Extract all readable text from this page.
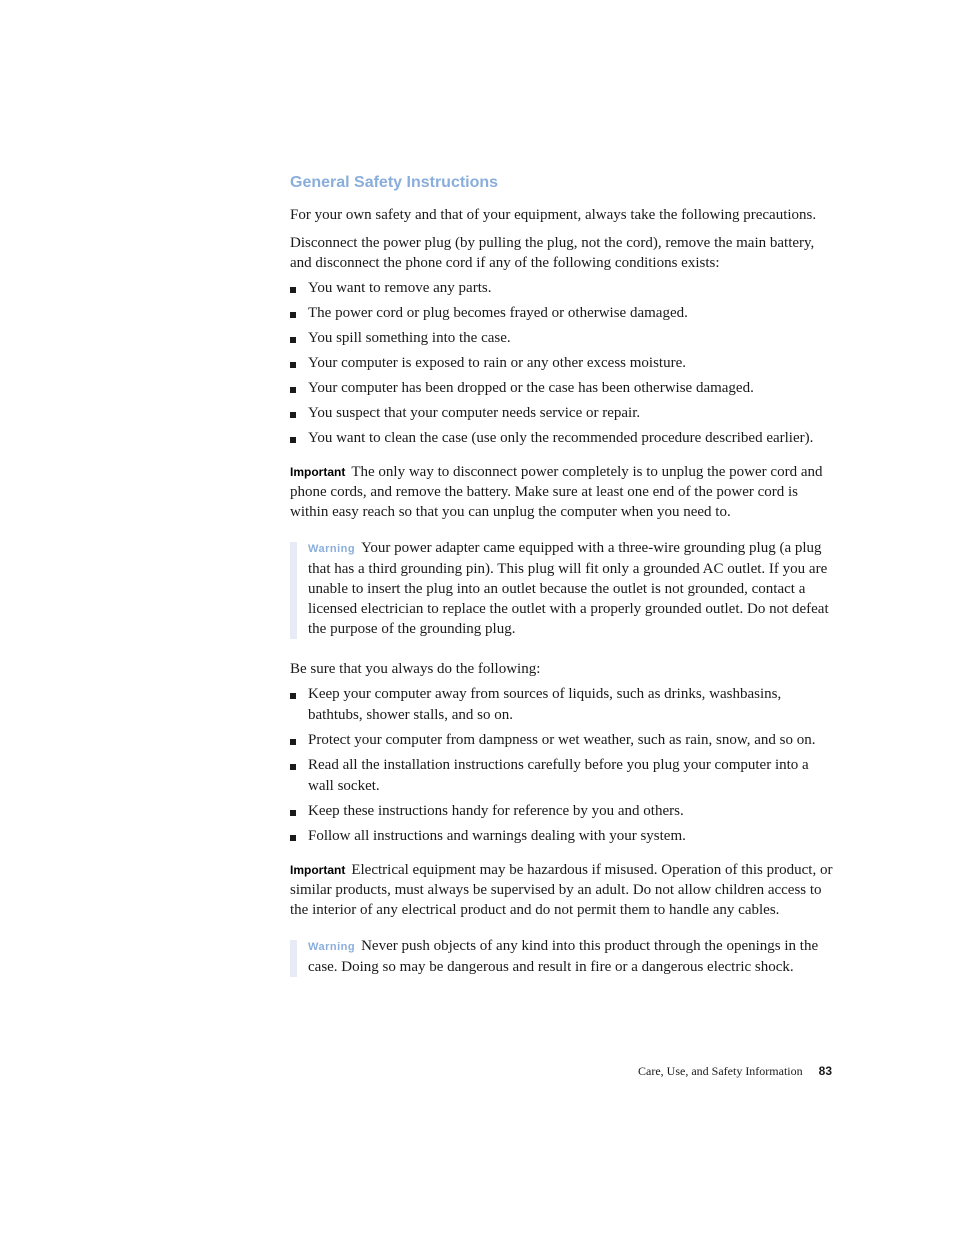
General Safety Instructions

For your own safety and that of your equipment, always take the following precautions.

Disconnect the power plug (by pulling the plug, not the cord), remove the main battery, and disconnect the phone cord if any of the following conditions exists:

You want to remove any parts.
The power cord or plug becomes frayed or otherwise damaged.
You spill something into the case.
Your computer is exposed to rain or any other excess moisture.
Your computer has been dropped or the case has been otherwise damaged.
You suspect that your computer needs service or repair.
You want to clean the case (use only the recommended procedure described earlier).

Important The only way to disconnect power completely is to unplug the power cord and phone cords, and remove the battery. Make sure at least one end of the power cord is within easy reach so that you can unplug the computer when you need to.

Warning Your power adapter came equipped with a three-wire grounding plug (a plug that has a third grounding pin). This plug will fit only a grounded AC outlet. If you are unable to insert the plug into an outlet because the outlet is not grounded, contact a licensed electrician to replace the outlet with a properly grounded outlet. Do not defeat the purpose of the grounding plug.

Be sure that you always do the following:

Keep your computer away from sources of liquids, such as drinks, washbasins, bathtubs, shower stalls, and so on.
Protect your computer from dampness or wet weather, such as rain, snow, and so on.
Read all the installation instructions carefully before you plug your computer into a wall socket.
Keep these instructions handy for reference by you and others.
Follow all instructions and warnings dealing with your system.

Important Electrical equipment may be hazardous if misused. Operation of this product, or similar products, must always be supervised by an adult. Do not allow children access to the interior of any electrical product and do not permit them to handle any cables.

Warning Never push objects of any kind into this product through the openings in the case. Doing so may be dangerous and result in fire or a dangerous electric shock.

Care, Use, and Safety Information 83
